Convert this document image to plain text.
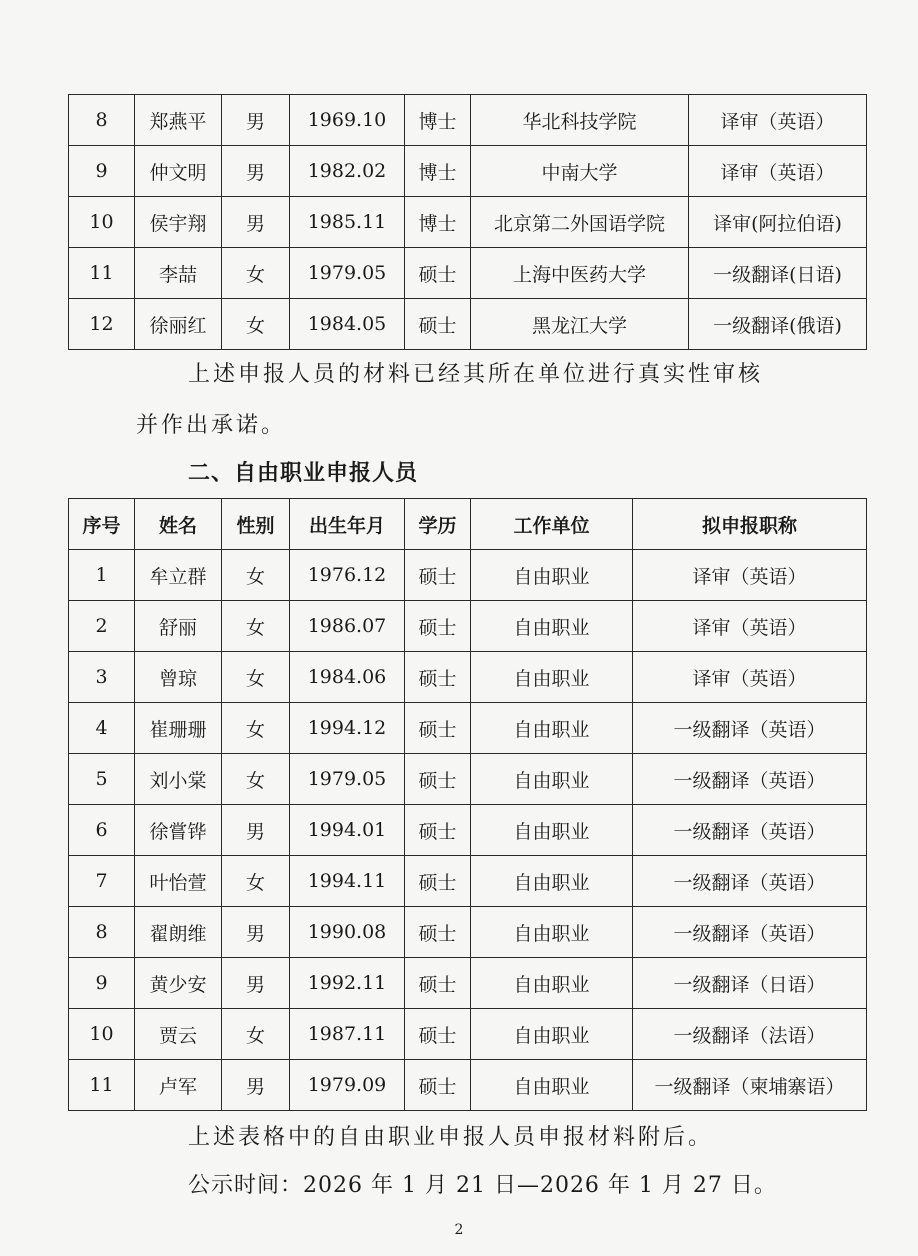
8	郑燕平	男	1969.10	博士	华北科技学院	译审（英语）
9	仲文明	男	1982.02	博士	中南大学	译审（英语）
10	侯宇翔	男	1985.11	博士	北京第二外国语学院	译审(阿拉伯语)
11	李喆	女	1979.05	硕士	上海中医药大学	一级翻译(日语)
12	徐丽红	女	1984.05	硕士	黑龙江大学	一级翻译(俄语)
上述申报人员的材料已经其所在单位进行真实性审核
并作出承诺。
二、自由职业申报人员
序号	姓名	性别	出生年月	学历	工作单位	拟申报职称
1	牟立群	女	1976.12	硕士	自由职业	译审（英语）
2	舒丽	女	1986.07	硕士	自由职业	译审（英语）
3	曾琼	女	1984.06	硕士	自由职业	译审（英语）
4	崔珊珊	女	1994.12	硕士	自由职业	一级翻译（英语）
5	刘小棠	女	1979.05	硕士	自由职业	一级翻译（英语）
6	徐嘗铧	男	1994.01	硕士	自由职业	一级翻译（英语）
7	叶怡萱	女	1994.11	硕士	自由职业	一级翻译（英语）
8	翟朗维	男	1990.08	硕士	自由职业	一级翻译（英语）
9	黄少安	男	1992.11	硕士	自由职业	一级翻译（日语）
10	贾云	女	1987.11	硕士	自由职业	一级翻译（法语）
11	卢军	男	1979.09	硕士	自由职业	一级翻译（柬埔寨语）
上述表格中的自由职业申报人员申报材料附后。
公示时间：2026 年 1 月 21 日—2026 年 1 月 27 日。
2
